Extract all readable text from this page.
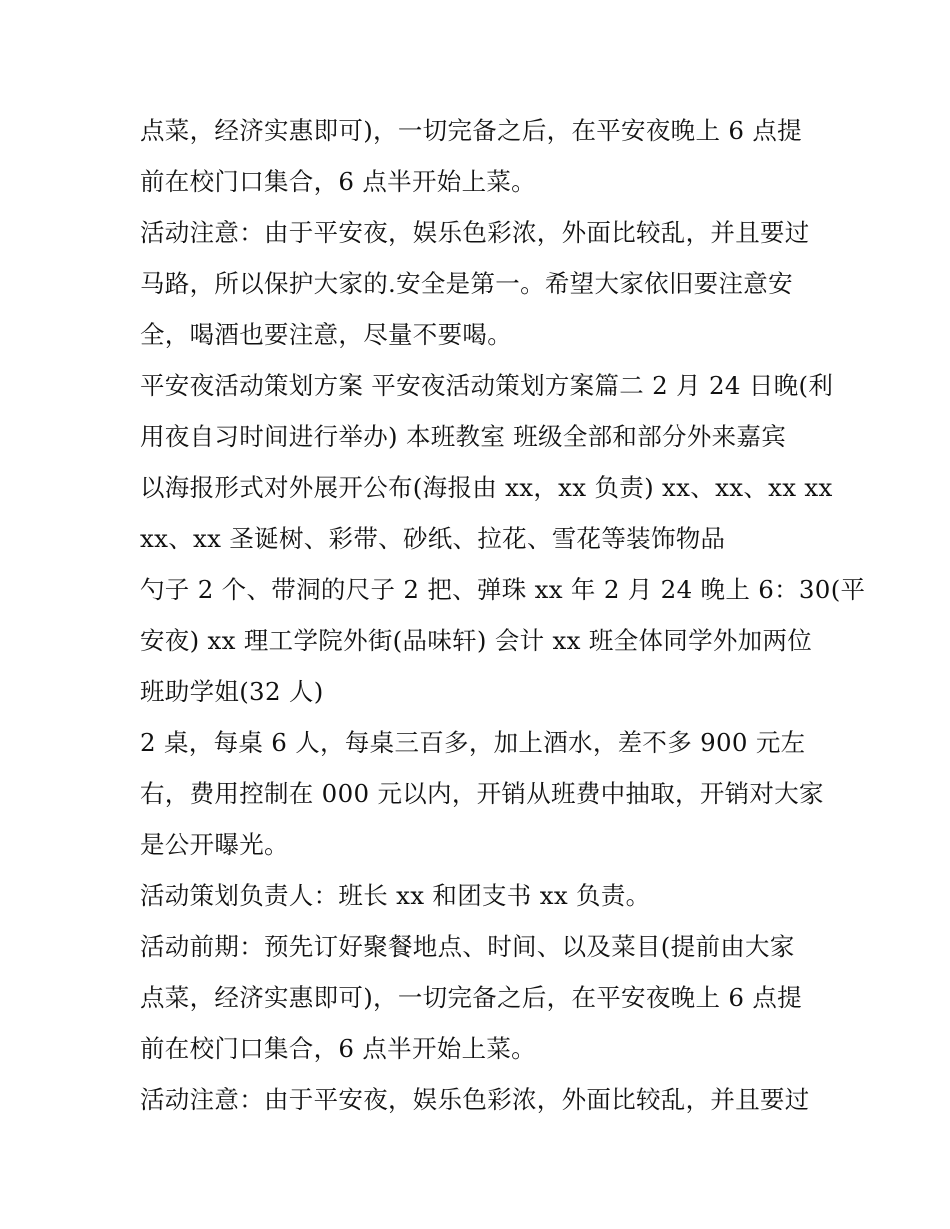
点菜，经济实惠即可)，一切完备之后，在平安夜晚上 6 点提
前在校门口集合，6 点半开始上菜。
活动注意：由于平安夜，娱乐色彩浓，外面比较乱，并且要过
马路，所以保护大家的.安全是第一。希望大家依旧要注意安
全，喝酒也要注意，尽量不要喝。
平安夜活动策划方案 平安夜活动策划方案篇二 2 月 24 日晚(利
用夜自习时间进行举办) 本班教室 班级全部和部分外来嘉宾
以海报形式对外展开公布(海报由 xx，xx 负责) xx、xx、xx xx
xx、xx 圣诞树、彩带、砂纸、拉花、雪花等装饰物品
勺子 2 个、带洞的尺子 2 把、弹珠 xx 年 2 月 24 晚上 6：30(平
安夜) xx 理工学院外街(品味轩) 会计 xx 班全体同学外加两位
班助学姐(32 人)
2 桌，每桌 6 人，每桌三百多，加上酒水，差不多 900 元左
右，费用控制在 000 元以内，开销从班费中抽取，开销对大家
是公开曝光。
活动策划负责人：班长 xx 和团支书 xx 负责。
活动前期：预先订好聚餐地点、时间、以及菜目(提前由大家
点菜，经济实惠即可)，一切完备之后，在平安夜晚上 6 点提
前在校门口集合，6 点半开始上菜。
活动注意：由于平安夜，娱乐色彩浓，外面比较乱，并且要过
